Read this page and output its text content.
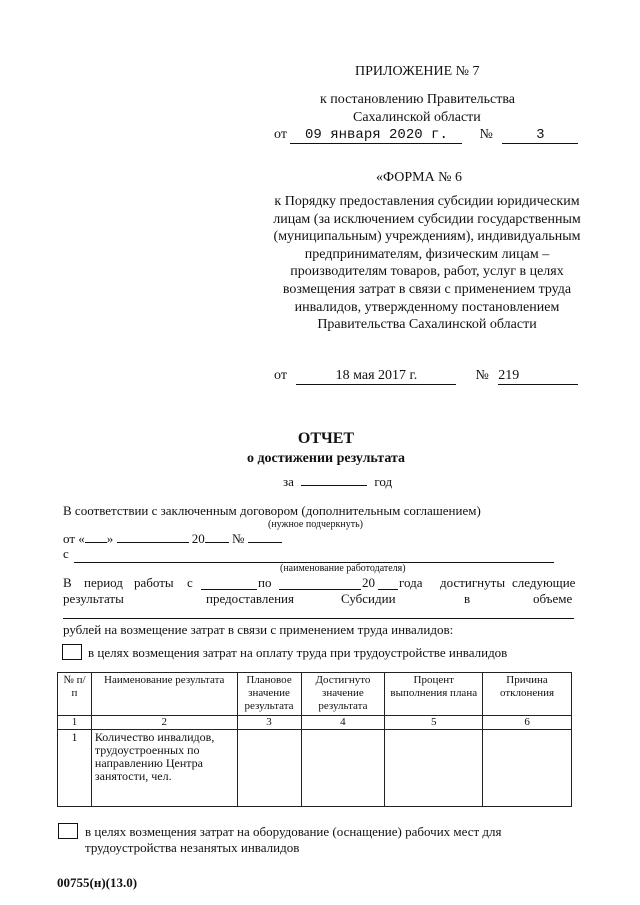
ПРИЛОЖЕНИЕ № 7
к постановлению Правительства
Сахалинской области
от 09 января 2020 г. №	3
«ФОРМА № 6
к Порядку предоставления субсидии юридическим лицам (за исключением субсидии государственным (муниципальным) учреждениям), индивидуальным предпринимателям, физическим лицам – производителям товаров, работ, услуг в целях возмещения затрат в связи с применением труда инвалидов, утвержденному постановлением Правительства Сахалинской области
от	18 мая 2017 г.	№ 219
ОТЧЕТ
о достижении результата
за	год
В соответствии с заключенным договором (дополнительным соглашением)
(нужное подчеркнуть)
от « »	20 №
с
(наименование работодателя)
В период работы с	по	20 года достигнуты следующие
результаты	предоставления	Субсидии	в	объеме
рублей на возмещение затрат в связи с применением труда инвалидов:
в целях возмещения затрат на оплату труда при трудоустройстве инвалидов
№ п/п	Наименование результата	Плановое значение результата	Достигнуто значение результата	Процент выполнения плана	Причина отклонения
1	2	3	4	5	6
1	Количество инвалидов, трудоустроенных по направлению Центра занятости, чел.				
в целях возмещения затрат на оборудование (оснащение) рабочих мест для
трудоустройства незанятых инвалидов
00755(н)(13.0)
